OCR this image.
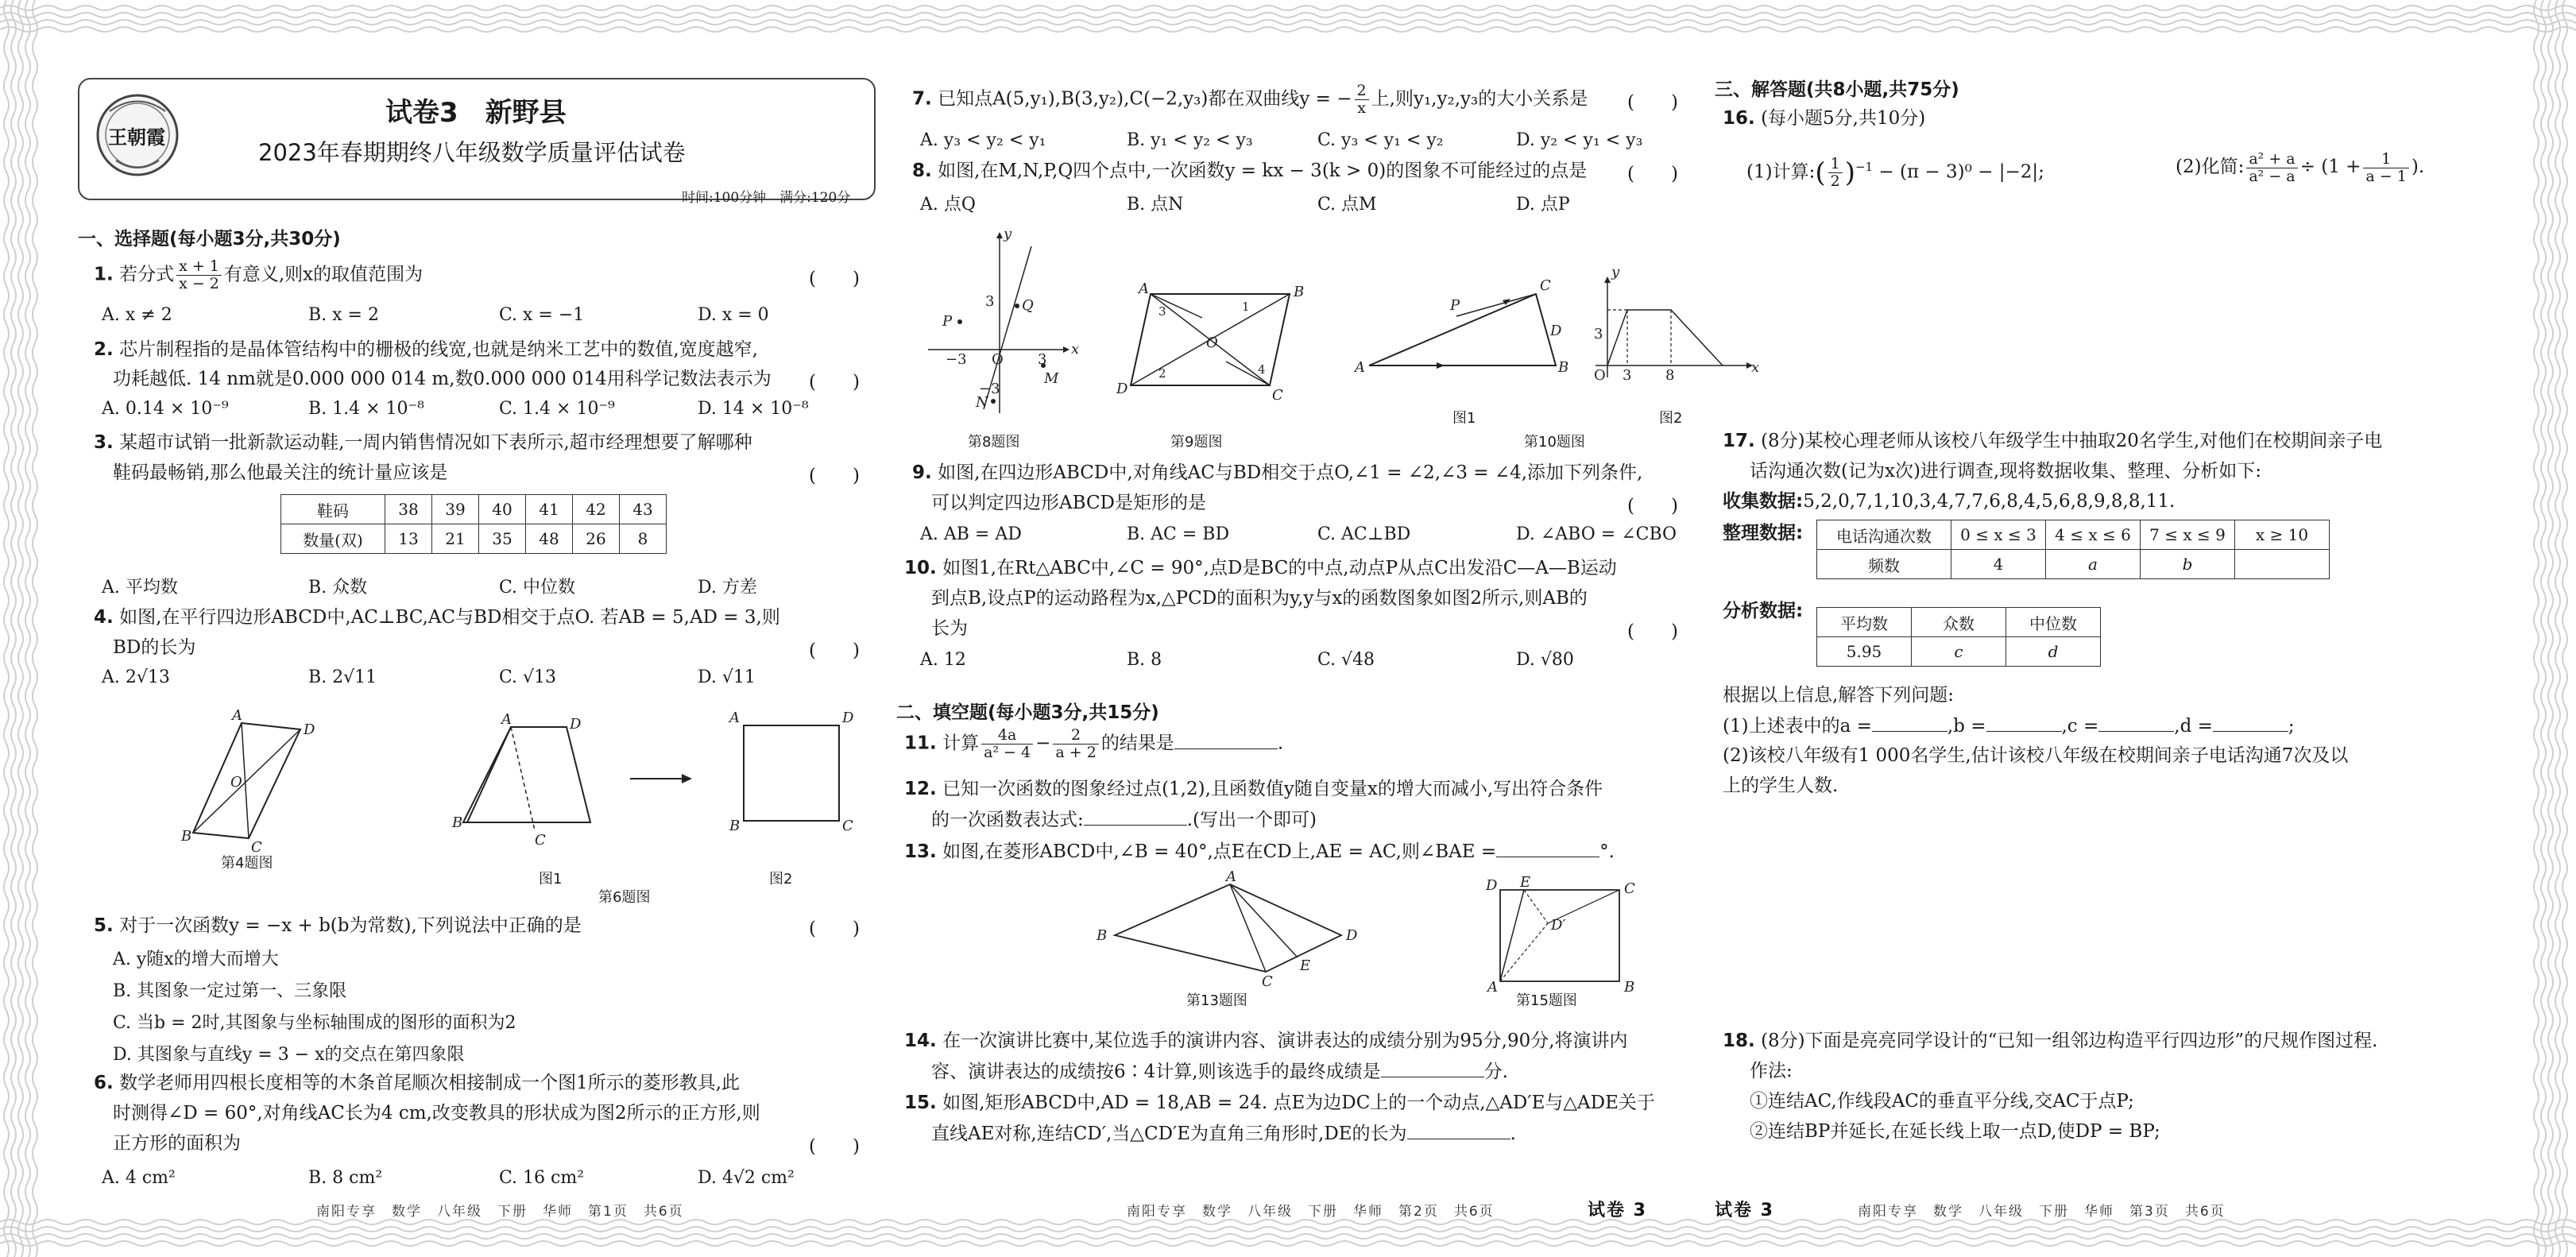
王朝霞
试卷3　新野县
2023年春期期终八年级数学质量评估试卷
时间:100分钟　满分:120分
一、选择题(每小题3分,共30分)
1. 若分式 $\frac{x + 1}{x - 2}$ 有意义,则x的取值范围为	(　　)
A. x ≠ 2	B. x = 2	C. x = −1	D. x = 0
2. 芯片制程指的是晶体管结构中的栅极的线宽,也就是纳米工艺中的数值,宽度越窄,
功耗越低. 14 nm就是0.000 000 014 m,数0.000 000 014用科学记数法表示为 (　　)
A. 0.14 × 10⁻⁹	B. 1.4 × 10⁻⁸	C. 1.4 × 10⁻⁹	D. 14 × 10⁻⁸
3. 某超市试销一批新款运动鞋,一周内销售情况如下表所示,超市经理想要了解哪种
鞋码最畅销,那么他最关注的统计量应该是	(　　)
鞋码	38	39	40	41	42	43
数量(双)	13	21	35	48	26	8
A. 平均数	B. 众数	C. 中位数	D. 方差
4. 如图,在平行四边形ABCD中,AC⊥BC,AC与BD相交于点O. 若AB = 5,AD = 3,则
BD的长为	(　　)
A. 2√13	B. 2√11	C. √13	D. √11
A
D
B
C
O
第4题图
A	D
B
C
图1
A	D
B	C
图2
第6题图
5. 对于一次函数y = −x + b(b为常数),下列说法中正确的是	(　　)
A. y随x的增大而增大
B. 其图象一定过第一、三象限
C. 当b = 2时,其图象与坐标轴围成的图形的面积为2
D. 其图象与直线y = 3 − x的交点在第四象限
6. 数学老师用四根长度相等的木条首尾顺次相接制成一个图1所示的菱形教具,此
时测得∠D = 60°,对角线AC长为4 cm,改变教具的形状成为图2所示的正方形,则
正方形的面积为	(　　)
A. 4 cm²	B. 8 cm²	C. 16 cm²	D. 4√2 cm²
南阳专享　数学　八年级　下册　华师　第1页　共6页
7. 已知点A(5,y₁),B(3,y₂),C(−2,y₃)都在双曲线y = − $\frac{2}{x}$ 上,则y₁,y₂,y₃的大小关系是 (　　)
A. y₃ < y₂ < y₁	B. y₁ < y₂ < y₃	C. y₃ < y₁ < y₂	D. y₂ < y₁ < y₃
8. 如图,在M,N,P,Q四个点中,一次函数y = kx − 3(k > 0)的图象不可能经过的点是 (　　)
A. 点Q	B. 点N	C. 点M	D. 点P
P
Q
M
N
x
y
−3 O 3
3
−3
第8题图
A	B
C
D
O
1
2
3
4
第9题图
A	B
C
P
D
图1
y
x
O 3 8
3
图2
第10题图
9. 如图,在四边形ABCD中,对角线AC与BD相交于点O,∠1 = ∠2,∠3 = ∠4,添加下列条件,
可以判定四边形ABCD是矩形的是	(　　)
A. AB = AD	B. AC = BD	C. AC⊥BD	D. ∠ABO = ∠CBO
10. 如图1,在Rt△ABC中,∠C = 90°,点D是BC的中点,动点P从点C出发沿C—A—B运动
到点B,设点P的运动路程为x,△PCD的面积为y,y与x的函数图象如图2所示,则AB的
长为	(　　)
A. 12	B. 8	C. √48	D. √80
二、填空题(每小题3分,共15分)
11. 计算 $\frac{4a}{\text{a² − 4}} - \frac{2}{a + 2}$ 的结果是	.
12. 已知一次函数的图象经过点(1,2),且函数值y随自变量x的增大而减小,写出符合条件
的一次函数表达式:	.(写出一个即可)
13. 如图,在菱形ABCD中,∠B = 40°,点E在CD上,AE = AC,则∠BAE =	°.
A
B	D
C
E
第13题图
D E	C
D′
A	B
第15题图
14. 在一次演讲比赛中,某位选手的演讲内容、演讲表达的成绩分别为95分,90分,将演讲内
容、演讲表达的成绩按6∶4计算,则该选手的最终成绩是	分.
15. 如图,矩形ABCD中,AD = 18,AB = 24. 点E为边DC上的一个动点,△AD′E与△ADE关于
直线AE对称,连结CD′,当△CD′E为直角三角形时,DE的长为	.
南阳专享　数学　八年级　下册　华师　第2页　共6页	试卷 3
三、解答题(共8小题,共75分)
16. (每小题5分,共10分)
(1)计算:( $\frac{1}{2} )^{-1} - (\pi - 3)^0 - |-2|$;	(2)化简: $\frac{\text{a² + a}}{\text{a² − a}} \div (1 + \frac{1}{a - 1}$ ).
17. (8分)某校心理老师从该校八年级学生中抽取20名学生,对他们在校期间亲子电
话沟通次数(记为x次)进行调查,现将数据收集、整理、分析如下:
收集数据:5,2,0,7,1,10,3,4,7,7,6,8,4,5,6,8,9,8,8,11.
整理数据: 电话沟通次数	0 ≤ x ≤ 3	4 ≤ x ≤ 6	7 ≤ x ≤ 9	x ≥ 10
频数	4	a	b	
分析数据:
平均数	众数	中位数
5.95	c	d
根据以上信息,解答下列问题:
(1)上述表中的a =	,b =	,c =	,d =	;
(2)该校八年级有1 000名学生,估计该校八年级在校期间亲子电话沟通7次及以
上的学生人数.
18. (8分)下面是亮亮同学设计的“已知一组邻边构造平行四边形”的尺规作图过程.
作法:
①连结AC,作线段AC的垂直平分线,交AC于点P;
②连结BP并延长,在延长线上取一点D,使DP = BP;
试卷 3	南阳专享　数学　八年级　下册　华师　第3页　共6页
